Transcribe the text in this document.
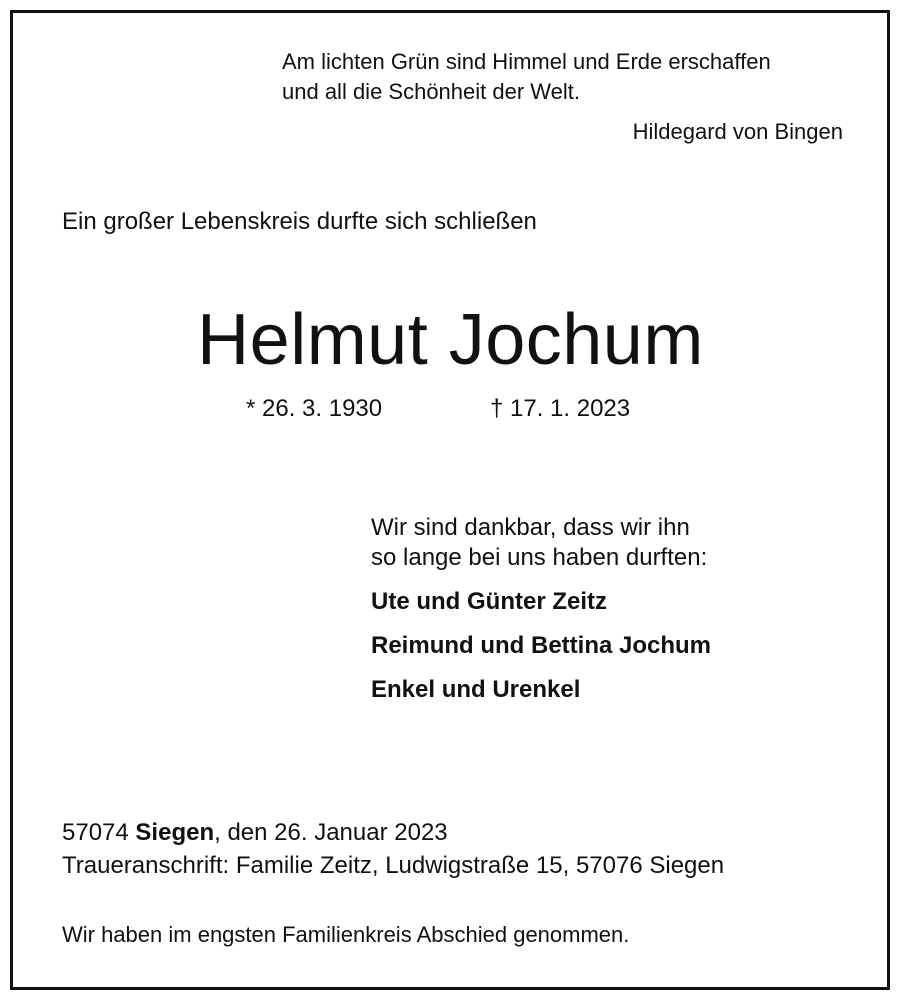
Am lichten Grün sind Himmel und Erde erschaffen
und all die Schönheit der Welt.
Hildegard von Bingen
Ein großer Lebenskreis durfte sich schließen
Helmut Jochum
* 26. 3. 1930	† 17. 1. 2023
Wir sind dankbar, dass wir ihn
so lange bei uns haben durften:
Ute und Günter Zeitz
Reimund und Bettina Jochum
Enkel und Urenkel
57074 Siegen, den 26. Januar 2023
Traueranschrift: Familie Zeitz, Ludwigstraße 15, 57076 Siegen
Wir haben im engsten Familienkreis Abschied genommen.
